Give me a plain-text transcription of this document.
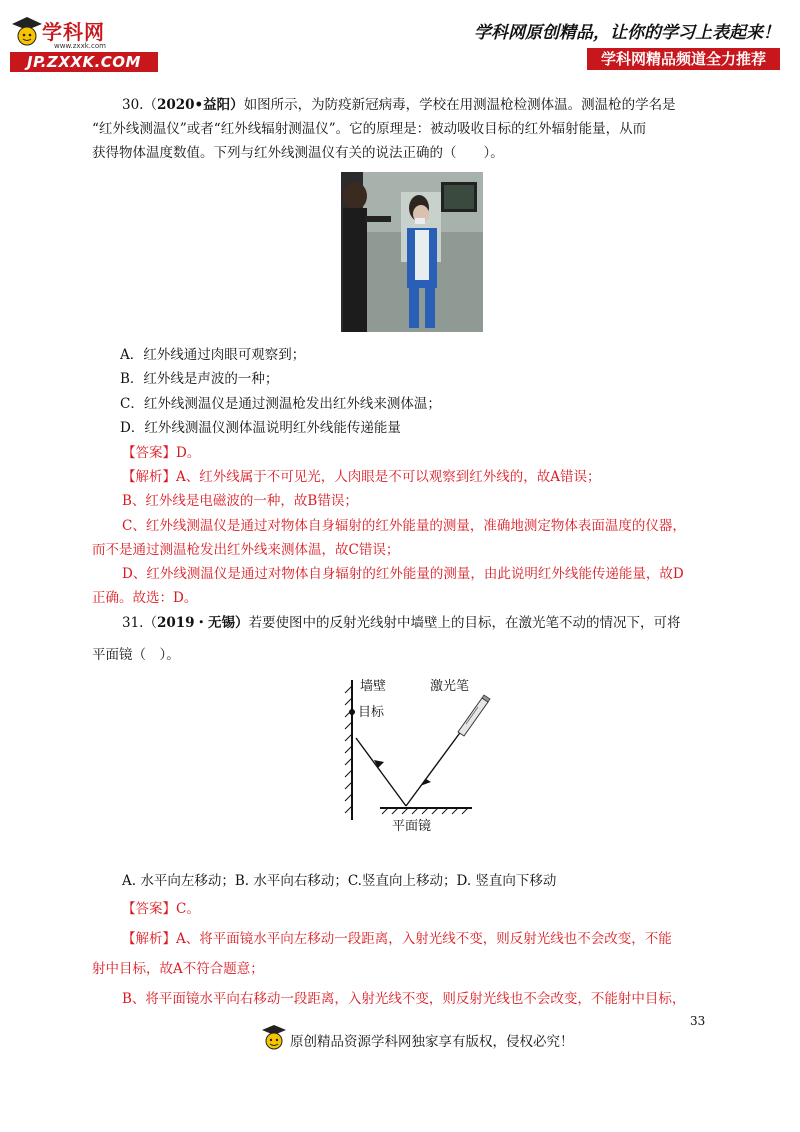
学科网
www.zxxk.com
JP.ZXXK.COM
学科网原创精品，让你的学习上表起来！
学科网精品频道全力推荐
30.（2020•益阳）如图所示，为防疫新冠病毒，学校在用测温枪检测体温。测温枪的学名是
“红外线测温仪”或者“红外线辐射测温仪”。它的原理是：被动吸收目标的红外辐射能量，从而
获得物体温度数值。下列与红外线测温仪有关的说法正确的（　　）。
A．红外线通过肉眼可观察到；
B．红外线是声波的一种；
C．红外线测温仪是通过测温枪发出红外线来测体温；
D．红外线测温仪测体温说明红外线能传递能量
【答案】D。
【解析】A、红外线属于不可见光，人肉眼是不可以观察到红外线的，故A错误；
B、红外线是电磁波的一种，故B错误；
C、红外线测温仪是通过对物体自身辐射的红外能量的测量，准确地测定物体表面温度的仪器，
而不是通过测温枪发出红外线来测体温，故C错误；
D、红外线测温仪是通过对物体自身辐射的红外能量的测量，由此说明红外线能传递能量，故D
正确。故选：D。
31.（2019・无锡）若要使图中的反射光线射中墙壁上的目标，在激光笔不动的情况下，可将
平面镜（　）。
墙壁
目标
激光笔
平面镜
A. 水平向左移动；B. 水平向右移动；C.竖直向上移动；D. 竖直向下移动
【答案】C。
【解析】A、将平面镜水平向左移动一段距离，入射光线不变，则反射光线也不会改变，不能
射中目标，故A不符合题意；
B、将平面镜水平向右移动一段距离，入射光线不变，则反射光线也不会改变，不能射中目标，
33
原创精品资源学科网独家享有版权，侵权必究！
